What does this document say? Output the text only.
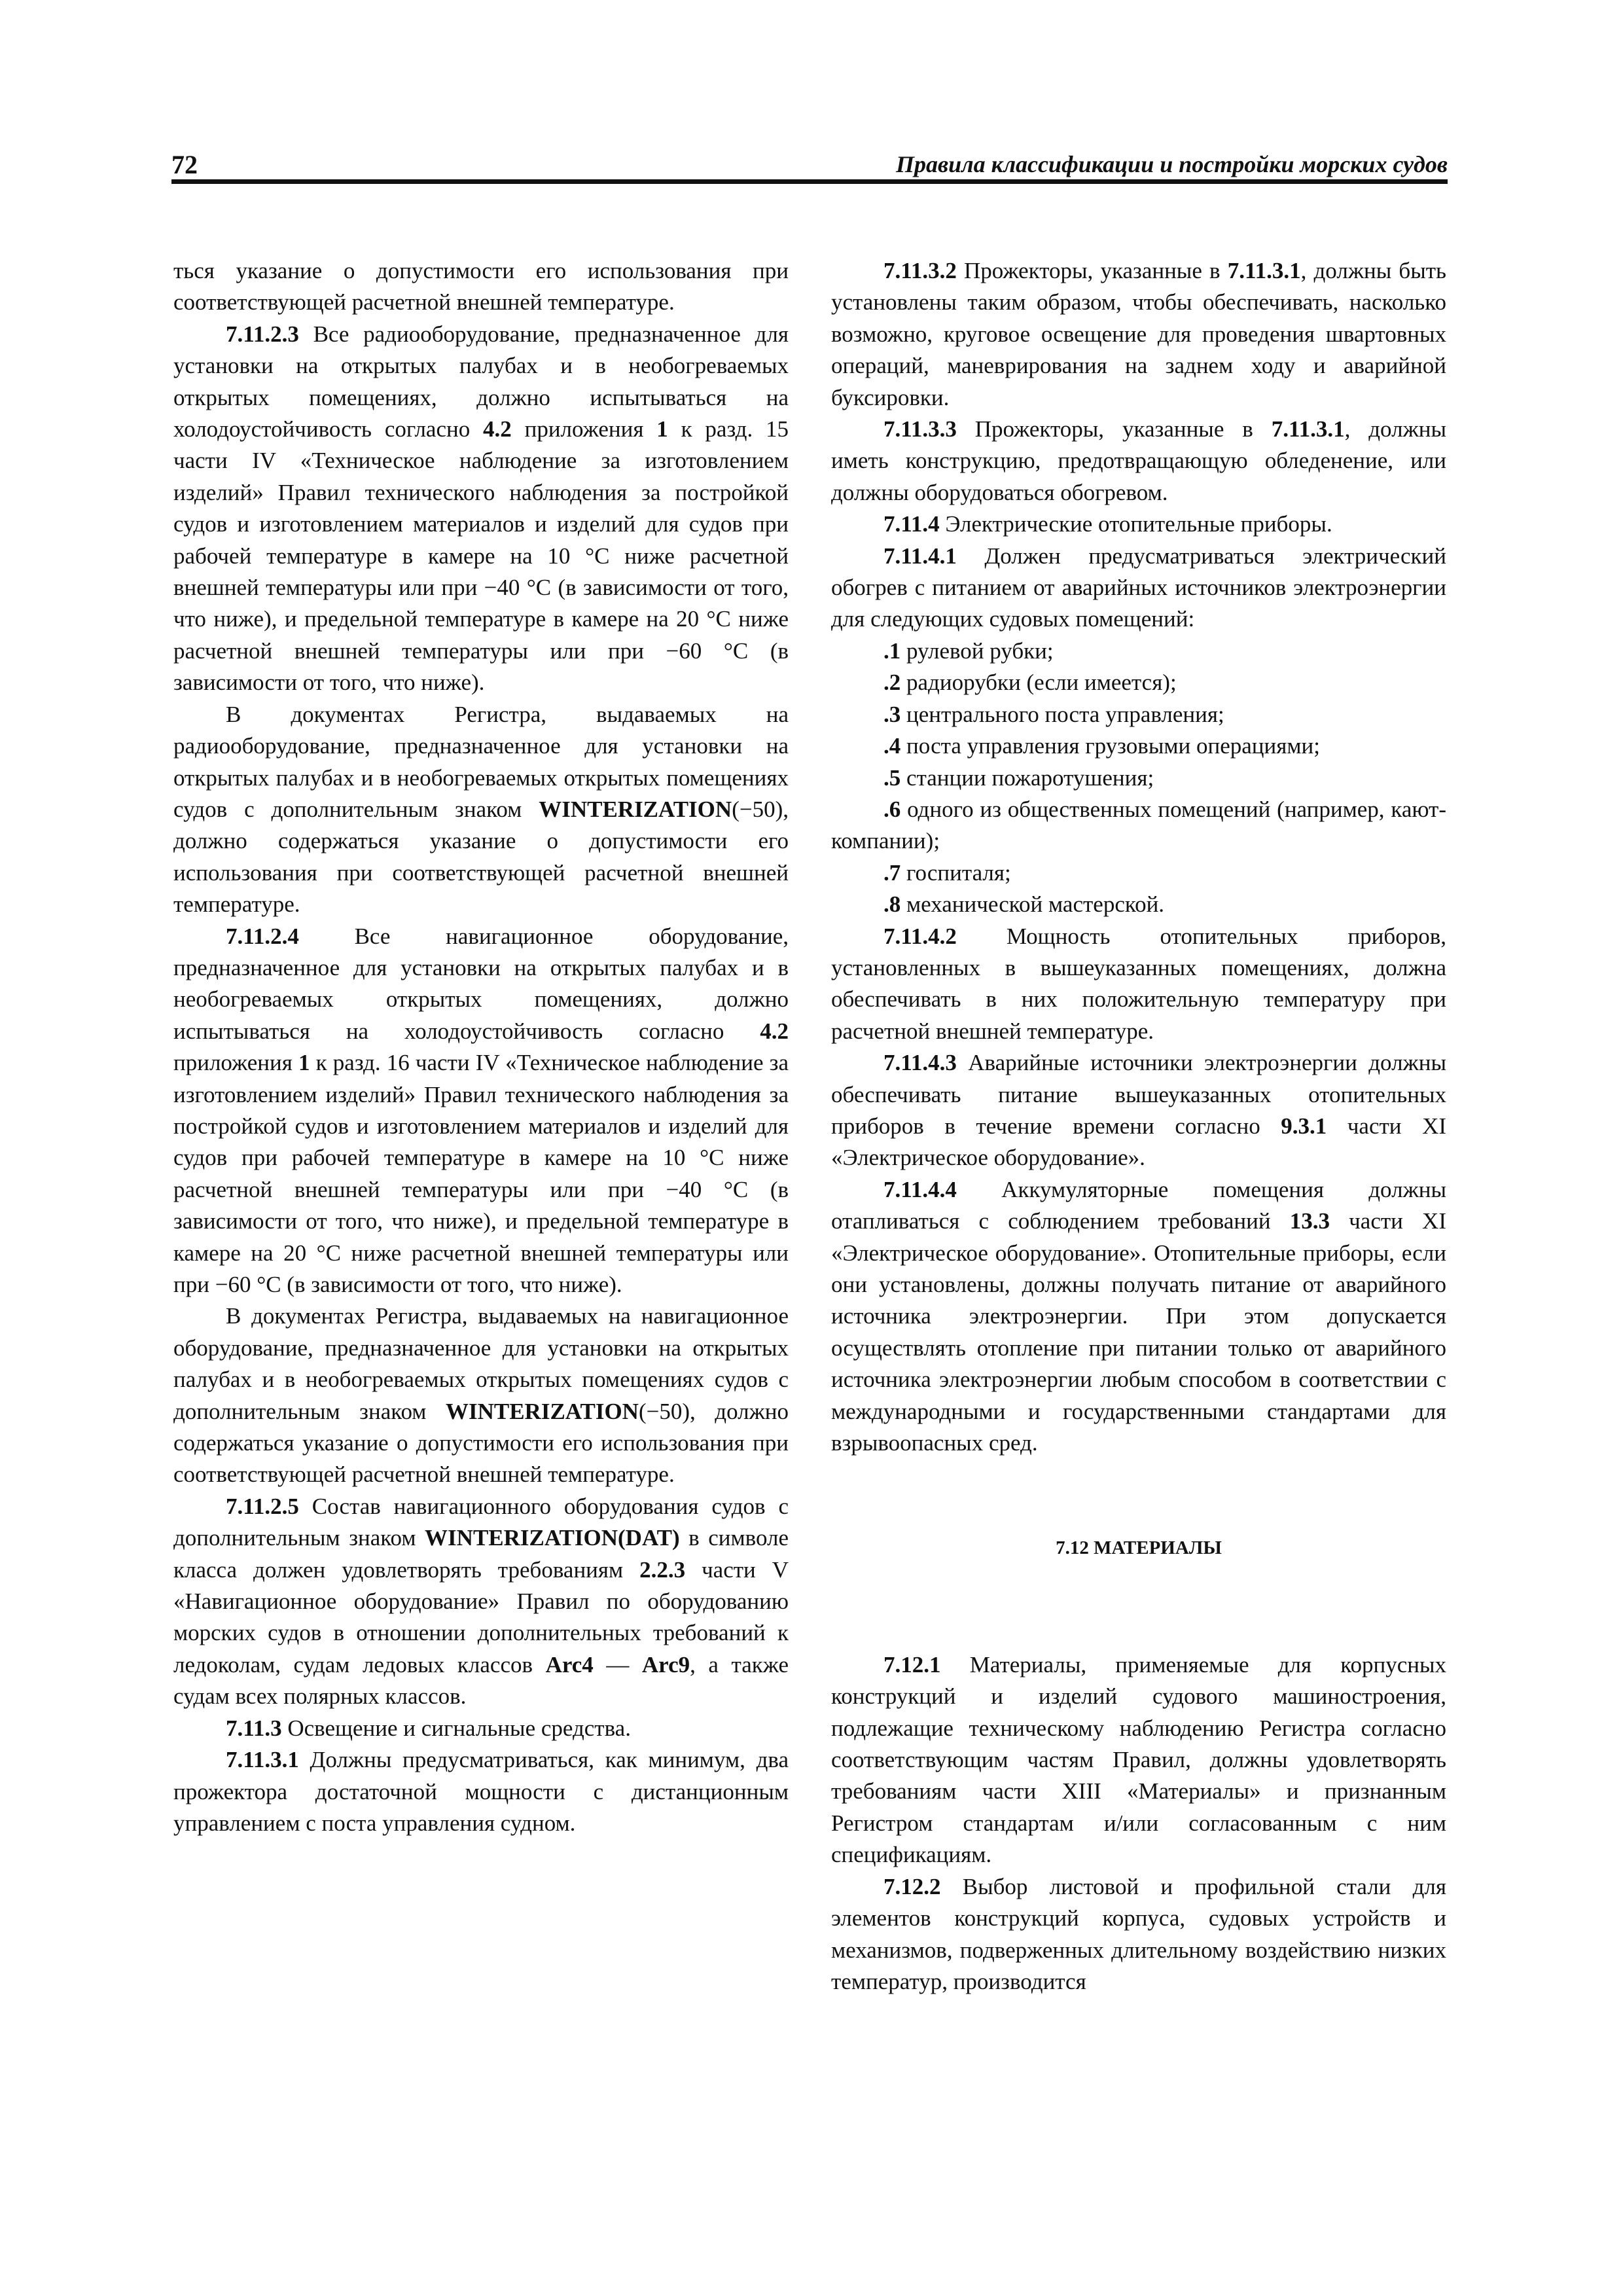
72	Правила классификации и постройки морских судов

ться указание о допустимости его использования при соответствующей расчетной внешней температуре.

7.11.2.3 Все радиооборудование, предназначенное для установки на открытых палубах и в необогреваемых открытых помещениях, должно испытываться на холодоустойчивость согласно 4.2 приложения 1 к разд. 15 части IV «Техническое наблюдение за изготовлением изделий» Правил технического наблюдения за постройкой судов и изготовлением материалов и изделий для судов при рабочей температуре в камере на 10 °С ниже расчетной внешней температуры или при −40 °С (в зависимости от того, что ниже), и предельной температуре в камере на 20 °С ниже расчетной внешней температуры или при −60 °С (в зависимости от того, что ниже).

В документах Регистра, выдаваемых на радиооборудование, предназначенное для установки на открытых палубах и в необогреваемых открытых помещениях судов с дополнительным знаком WINTERIZATION(−50), должно содержаться указание о допустимости его использования при соответствующей расчетной внешней температуре.

7.11.2.4 Все навигационное оборудование, предназначенное для установки на открытых палубах и в необогреваемых открытых помещениях, должно испытываться на холодоустойчивость согласно 4.2 приложения 1 к разд. 16 части IV «Техническое наблюдение за изготовлением изделий» Правил технического наблюдения за постройкой судов и изготовлением материалов и изделий для судов при рабочей температуре в камере на 10 °С ниже расчетной внешней температуры или при −40 °С (в зависимости от того, что ниже), и предельной температуре в камере на 20 °С ниже расчетной внешней температуры или при −60 °С (в зависимости от того, что ниже).

В документах Регистра, выдаваемых на навигационное оборудование, предназначенное для установки на открытых палубах и в необогреваемых открытых помещениях судов с дополнительным знаком WINTERIZATION(−50), должно содержаться указание о допустимости его использования при соответствующей расчетной внешней температуре.

7.11.2.5 Состав навигационного оборудования судов с дополнительным знаком WINTERIZATION(DAT) в символе класса должен удовлетворять требованиям 2.2.3 части V «Навигационное оборудование» Правил по оборудованию морских судов в отношении дополнительных требований к ледоколам, судам ледовых классов Arc4 — Arc9, а также судам всех полярных классов.

7.11.3 Освещение и сигнальные средства.

7.11.3.1 Должны предусматриваться, как минимум, два прожектора достаточной мощности с дистанционным управлением с поста управления судном.

7.11.3.2 Прожекторы, указанные в 7.11.3.1, должны быть установлены таким образом, чтобы обеспечивать, насколько возможно, круговое освещение для проведения швартовных операций, маневрирования на заднем ходу и аварийной буксировки.

7.11.3.3 Прожекторы, указанные в 7.11.3.1, должны иметь конструкцию, предотвращающую обледенение, или должны оборудоваться обогревом.

7.11.4 Электрические отопительные приборы.

7.11.4.1 Должен предусматриваться электрический обогрев с питанием от аварийных источников электроэнергии для следующих судовых помещений:

.1 рулевой рубки;

.2 радиорубки (если имеется);

.3 центрального поста управления;

.4 поста управления грузовыми операциями;

.5 станции пожаротушения;

.6 одного из общественных помещений (например, кают-компании);

.7 госпиталя;

.8 механической мастерской.

7.11.4.2 Мощность отопительных приборов, установленных в вышеуказанных помещениях, должна обеспечивать в них положительную температуру при расчетной внешней температуре.

7.11.4.3 Аварийные источники электроэнергии должны обеспечивать питание вышеуказанных отопительных приборов в течение времени согласно 9.3.1 части XI «Электрическое оборудование».

7.11.4.4 Аккумуляторные помещения должны отапливаться с соблюдением требований 13.3 части XI «Электрическое оборудование». Отопительные приборы, если они установлены, должны получать питание от аварийного источника электроэнергии. При этом допускается осуществлять отопление при питании только от аварийного источника электроэнергии любым способом в соответствии с международными и государственными стандартами для взрывоопасных сред.

7.12 МАТЕРИАЛЫ

7.12.1 Материалы, применяемые для корпусных конструкций и изделий судового машиностроения, подлежащие техническому наблюдению Регистра согласно соответствующим частям Правил, должны удовлетворять требованиям части XIII «Материалы» и признанным Регистром стандартам и/или согласованным с ним спецификациям.

7.12.2 Выбор листовой и профильной стали для элементов конструкций корпуса, судовых устройств и механизмов, подверженных длительному воздействию низких температур, производится
